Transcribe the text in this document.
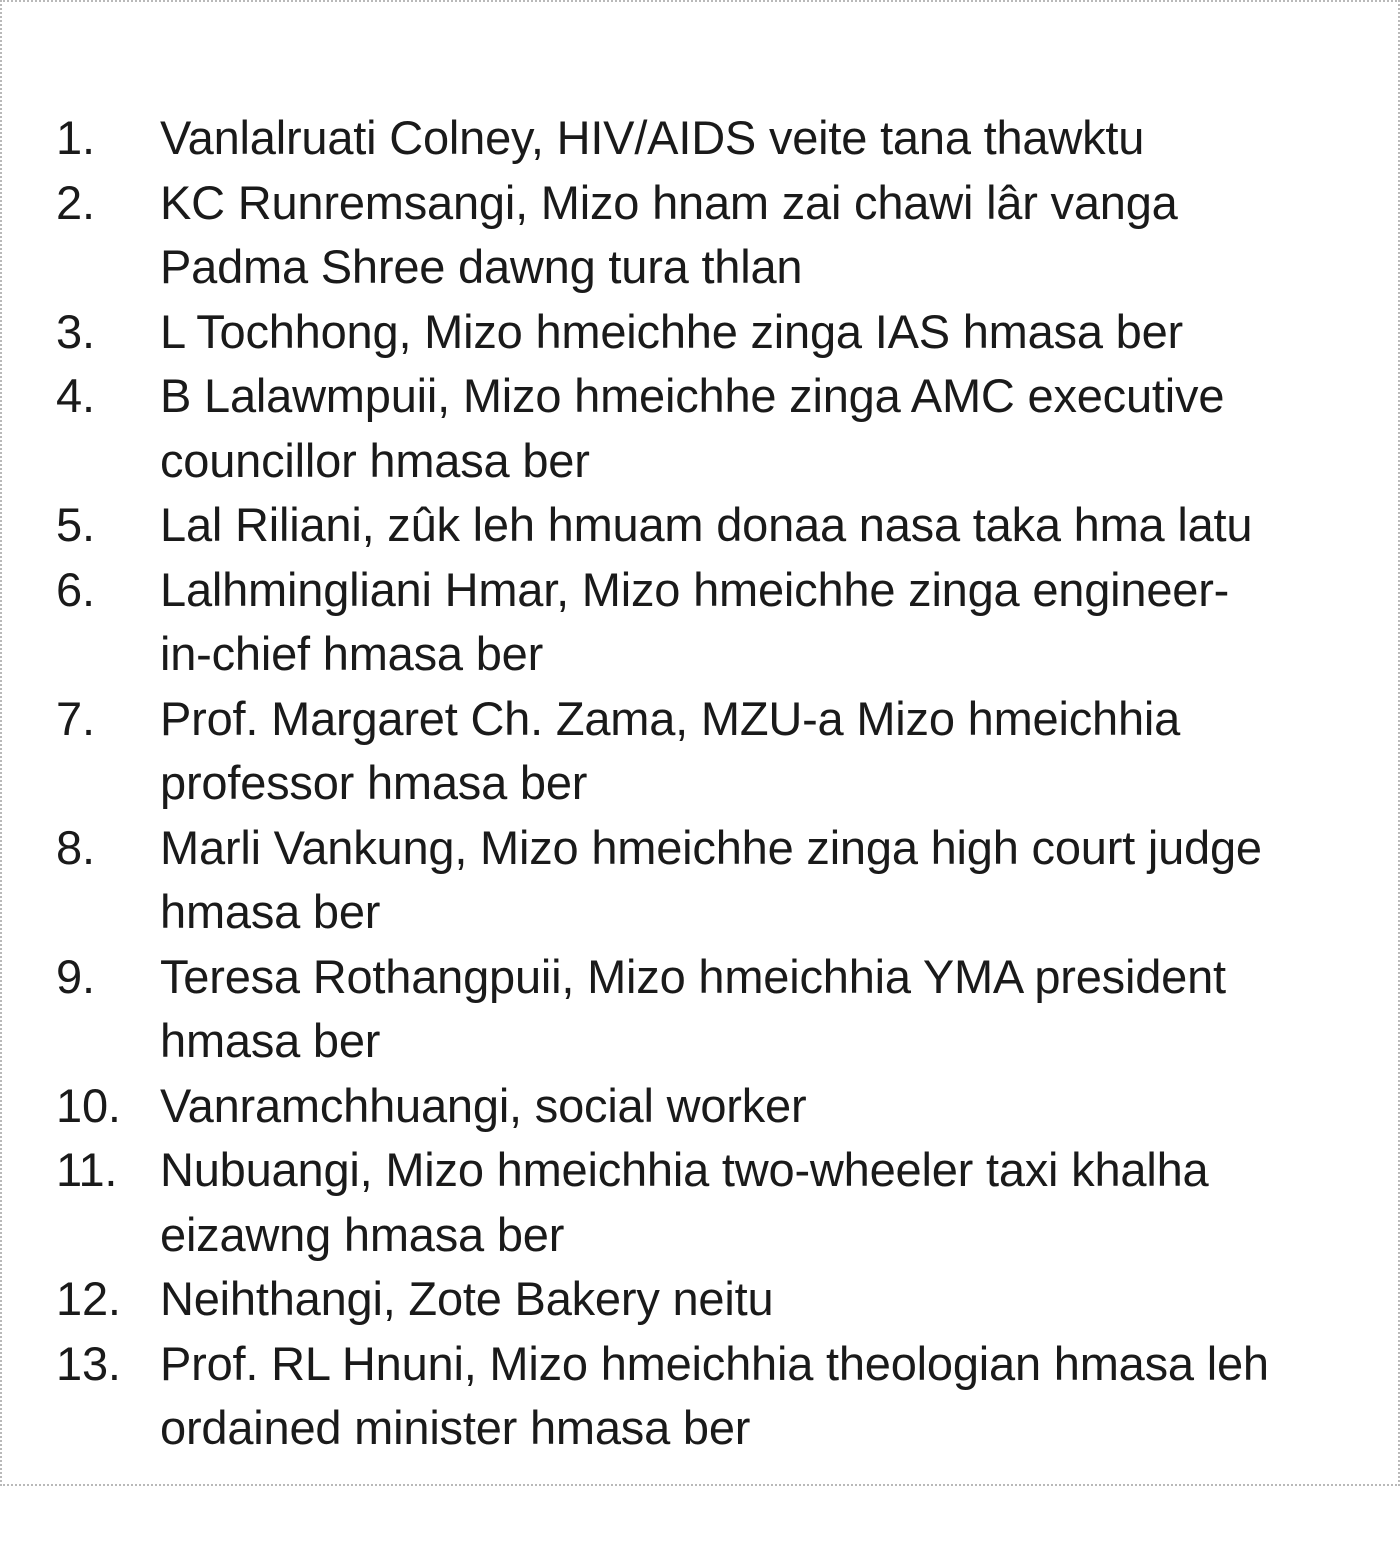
1.	Vanlalruati Colney, HIV/AIDS veite tana thawktu
2.	KC Runremsangi, Mizo hnam zai chawi lâr vanga
Padma Shree dawng tura thlan
3.	L Tochhong, Mizo hmeichhe zinga IAS hmasa ber
4.	B Lalawmpuii, Mizo hmeichhe zinga AMC executive
councillor hmasa ber
5.	Lal Riliani, zûk leh hmuam donaa nasa taka hma latu
6.	Lalhmingliani Hmar, Mizo hmeichhe zinga engineer-
in-chief hmasa ber
7.	Prof. Margaret Ch. Zama, MZU-a Mizo hmeichhia
professor hmasa ber
8.	Marli Vankung, Mizo hmeichhe zinga high court judge
hmasa ber
9.	Teresa Rothangpuii, Mizo hmeichhia YMA president
hmasa ber
10. Vanramchhuangi, social worker
11. Nubuangi, Mizo hmeichhia two-wheeler taxi khalha
eizawng hmasa ber
12. Neihthangi, Zote Bakery neitu
13. Prof. RL Hnuni, Mizo hmeichhia theologian hmasa leh
ordained minister hmasa ber
